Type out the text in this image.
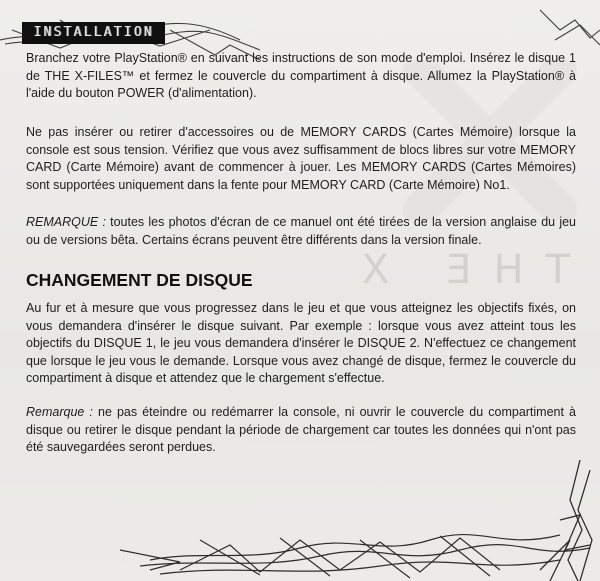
THE X
INSTALLATION

Branchez votre PlayStation® en suivant les instructions de son mode d'emploi. Insérez le disque 1 de THE X-FILES™ et fermez le couvercle du compartiment à disque. Allumez la PlayStation® à l'aide du bouton POWER (d'alimentation).

Ne pas insérer ou retirer d'accessoires ou de MEMORY CARDS (Cartes Mémoire) lorsque la console est sous tension. Vérifiez que vous avez suffisamment de blocs libres sur votre MEMORY CARD (Carte Mémoire) avant de commencer à jouer. Les MEMORY CARDS (Cartes Mémoires) sont supportées uniquement dans la fente pour MEMORY CARD (Carte Mémoire) No1.

REMARQUE : toutes les photos d'écran de ce manuel ont été tirées de la version anglaise du jeu ou de versions bêta. Certains écrans peuvent être différents dans la version finale.

CHANGEMENT DE DISQUE

Au fur et à mesure que vous progressez dans le jeu et que vous atteignez les objectifs fixés, on vous demandera d'insérer le disque suivant. Par exemple : lorsque vous avez atteint tous les objectifs du DISQUE 1, le jeu vous demandera d'insérer le DISQUE 2. N'effectuez ce changement que lorsque le jeu vous le demande. Lorsque vous avez changé de disque, fermez le couvercle du compartiment à disque et attendez que le chargement s'effectue.

Remarque : ne pas éteindre ou redémarrer la console, ni ouvrir le couvercle du compartiment à disque ou retirer le disque pendant la période de chargement car toutes les données qui n'ont pas été sauvegardées seront perdues.
